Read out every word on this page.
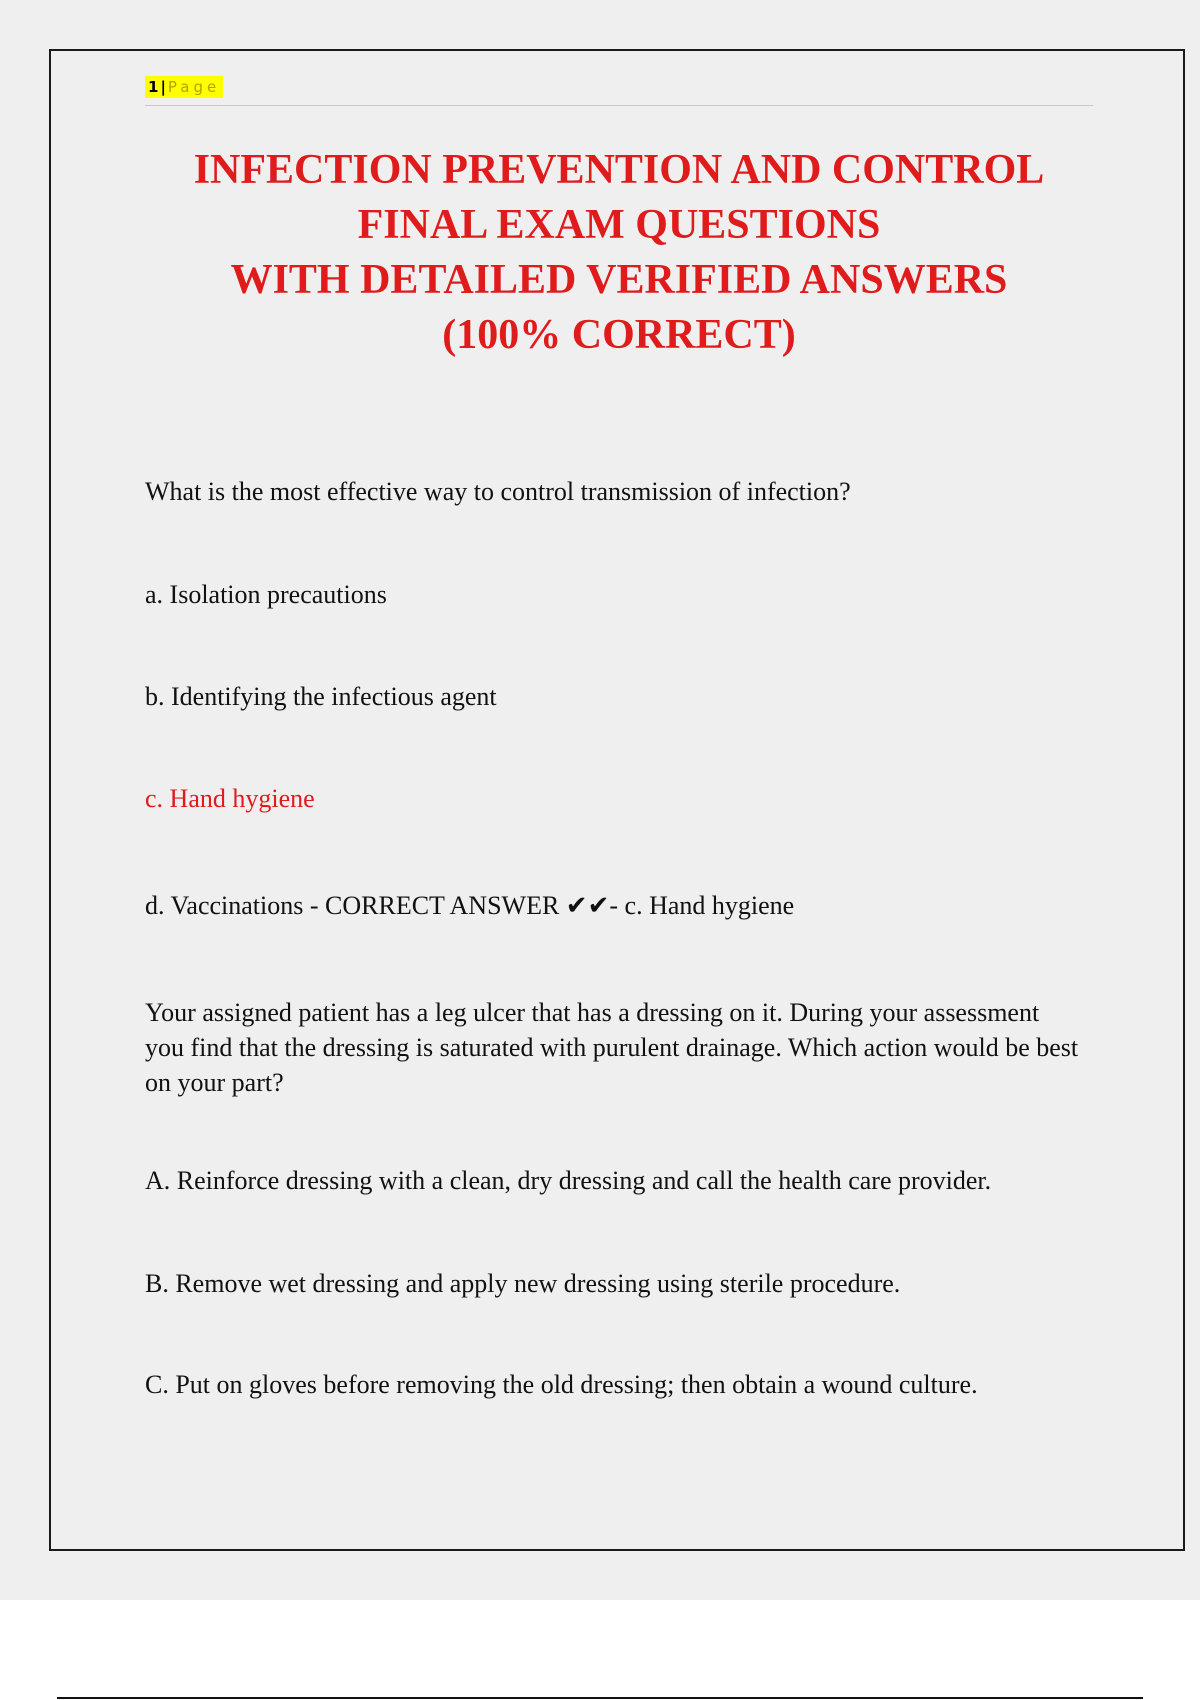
1 | Page
INFECTION PREVENTION AND CONTROL
FINAL EXAM QUESTIONS
WITH DETAILED VERIFIED ANSWERS
(100% CORRECT)
What is the most effective way to control transmission of infection?
a. Isolation precautions
b. Identifying the infectious agent
c. Hand hygiene
d. Vaccinations - CORRECT ANSWER ✔✔- c. Hand hygiene
Your assigned patient has a leg ulcer that has a dressing on it. During your assessment you find that the dressing is saturated with purulent drainage. Which action would be best on your part?
A. Reinforce dressing with a clean, dry dressing and call the health care provider.
B. Remove wet dressing and apply new dressing using sterile procedure.
C. Put on gloves before removing the old dressing; then obtain a wound culture.
